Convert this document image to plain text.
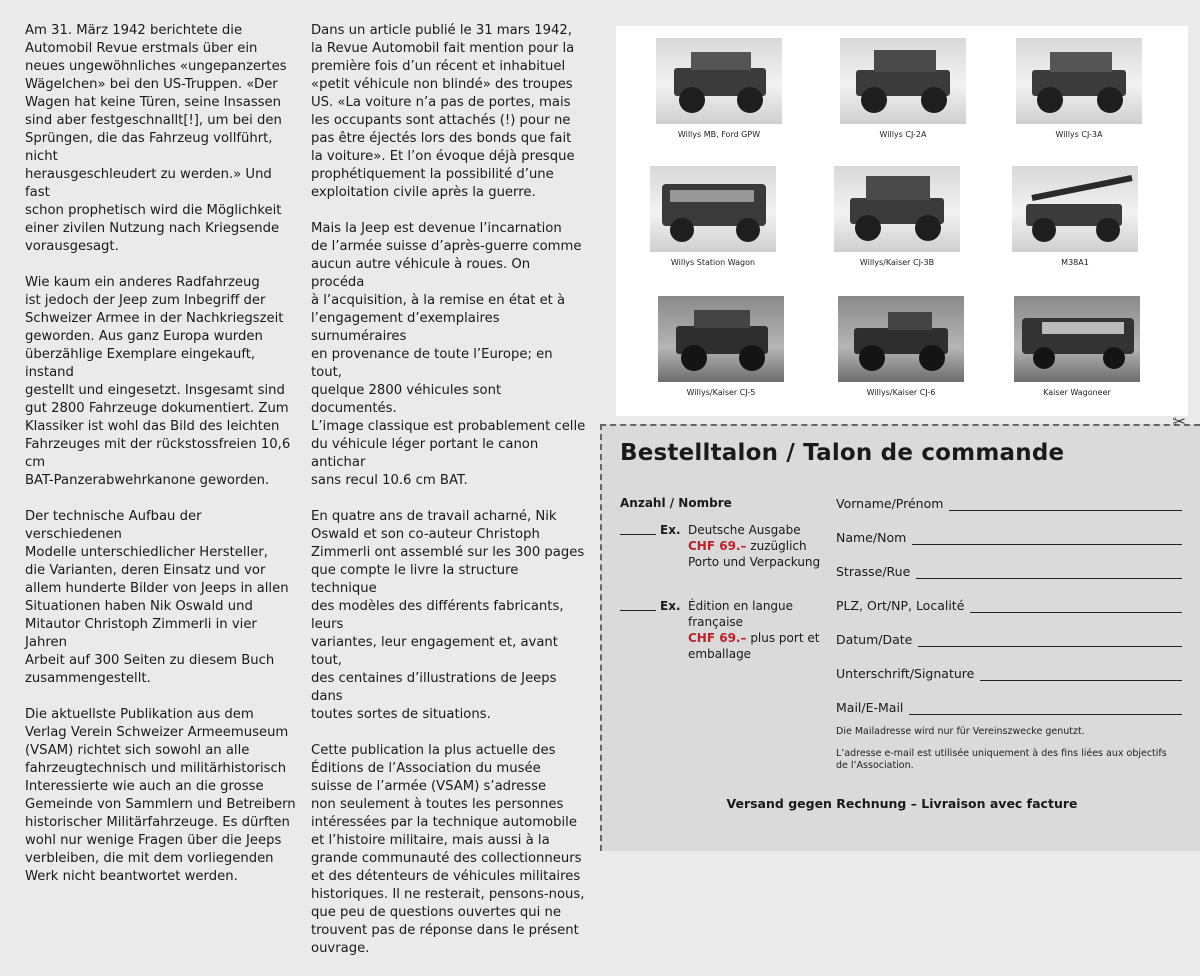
Am 31. März 1942 berichtete die
Automobil Revue erstmals über ein
neues ungewöhnliches «ungepanzertes
Wägelchen» bei den US-Truppen. «Der
Wagen hat keine Türen, seine Insassen
sind aber festgeschnallt[!], um bei den
Sprüngen, die das Fahrzeug vollführt, nicht
herausgeschleudert zu werden.» Und fast
schon prophetisch wird die Möglichkeit
einer zivilen Nutzung nach Kriegsende
vorausgesagt.

Wie kaum ein anderes Radfahrzeug
ist jedoch der Jeep zum Inbegriff der
Schweizer Armee in der Nachkriegszeit
geworden. Aus ganz Europa wurden
überzählige Exemplare eingekauft, instand
gestellt und eingesetzt. Insgesamt sind
gut 2800 Fahrzeuge dokumentiert. Zum
Klassiker ist wohl das Bild des leichten
Fahrzeuges mit der rückstossfreien 10,6 cm
BAT-Panzerabwehrkanone geworden.

Der technische Aufbau der verschiedenen
Modelle unterschiedlicher Hersteller,
die Varianten, deren Einsatz und vor
allem hunderte Bilder von Jeeps in allen
Situationen haben Nik Oswald und
Mitautor Christoph Zimmerli in vier Jahren
Arbeit auf 300 Seiten zu diesem Buch
zusammengestellt.

Die aktuellste Publikation aus dem
Verlag Verein Schweizer Armeemuseum
(VSAM) richtet sich sowohl an alle
fahrzeugtechnisch und militärhistorisch
Interessierte wie auch an die grosse
Gemeinde von Sammlern und Betreibern
historischer Militärfahrzeuge. Es dürften
wohl nur wenige Fragen über die Jeeps
verbleiben, die mit dem vorliegenden
Werk nicht beantwortet werden.

Dans un article publié le 31 mars 1942,
la Revue Automobil fait mention pour la
première fois d’un récent et inhabituel
«petit véhicule non blindé» des troupes
US. «La voiture n’a pas de portes, mais
les occupants sont attachés (!) pour ne
pas être éjectés lors des bonds que fait
la voiture». Et l’on évoque déjà presque
prophétiquement la possibilité d’une
exploitation civile après la guerre.

Mais la Jeep est devenue l’incarnation
de l’armée suisse d’après-guerre comme
aucun autre véhicule à roues. On procéda
à l’acquisition, à la remise en état et à
l’engagement d’exemplaires surnuméraires
en provenance de toute l’Europe; en tout,
quelque 2800 véhicules sont documentés.
L’image classique est probablement celle
du véhicule léger portant le canon antichar
sans recul 10.6 cm BAT.

En quatre ans de travail acharné, Nik
Oswald et son co-auteur Christoph
Zimmerli ont assemblé sur les 300 pages
que compte le livre la structure technique
des modèles des différents fabricants, leurs
variantes, leur engagement et, avant tout,
des centaines d’illustrations de Jeeps dans
toutes sortes de situations.

Cette publication la plus actuelle des
Éditions de l’Association du musée
suisse de l’armée (VSAM) s’adresse
non seulement à toutes les personnes
intéressées par la technique automobile
et l’histoire militaire, mais aussi à la
grande communauté des collectionneurs
et des détenteurs de véhicules militaires
historiques. Il ne resterait, pensons-nous,
que peu de questions ouvertes qui ne
trouvent pas de réponse dans le présent
ouvrage.

Willys MB, Ford GPW	Willys CJ-2A	Willys CJ-3A
Willys Station Wagon	Willys/Kaiser CJ-3B	M38A1
Willys/Kaiser CJ-5	Willys/Kaiser CJ-6	Kaiser Wagoneer
✂
Bestelltalon / Talon de commande
Anzahl / Nombre
Ex. Deutsche Ausgabe
CHF 69.– zuzüglich
Porto und Verpackung
Ex. Édition en langue
française
CHF 69.– plus port et
emballage
Vorname/Prénom
Name/Nom
Strasse/Rue
PLZ, Ort/NP, Localité
Datum/Date
Unterschrift/Signature
Mail/E-Mail
Die Mailadresse wird nur für Vereinszwecke genutzt.
L’adresse e-mail est utilisée uniquement à des fins liées aux objectifs
de l’Association.
Versand gegen Rechnung – Livraison avec facture
